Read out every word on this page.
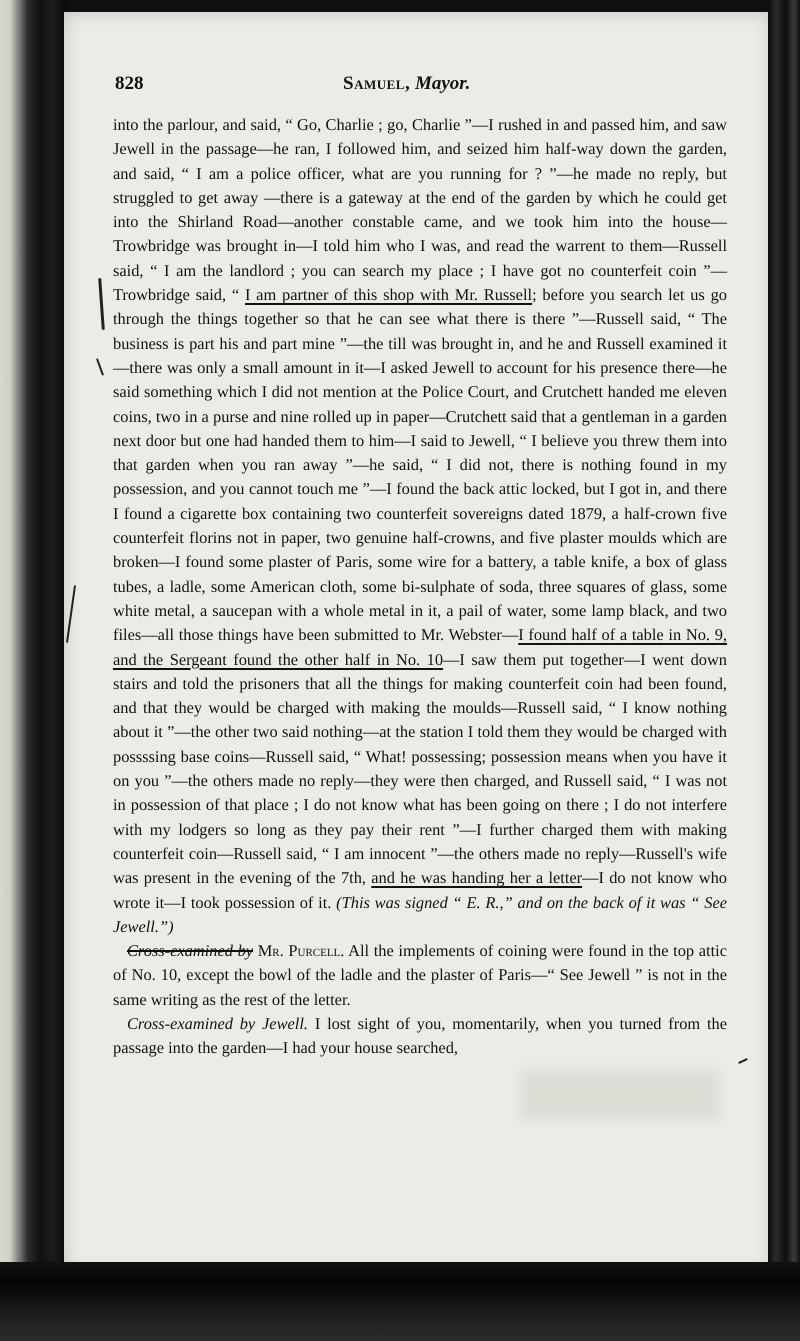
828	Samuel, Mayor.

into the parlour, and said, “ Go, Charlie ; go, Charlie ”—I rushed in and passed him, and saw Jewell in the passage—he ran, I followed him, and seized him half-way down the garden, and said, “ I am a police officer, what are you running for ? ”—he made no reply, but struggled to get away —there is a gateway at the end of the garden by which he could get into the Shirland Road—another constable came, and we took him into the house—Trowbridge was brought in—I told him who I was, and read the warrent to them—Russell said, “ I am the landlord ; you can search my place ; I have got no counterfeit coin ”—Trowbridge said, “ I am partner of this shop with Mr. Russell; before you search let us go through the things together so that he can see what there is there ”—Russell said, “ The business is part his and part mine ”—the till was brought in, and he and Russell examined it—there was only a small amount in it—I asked Jewell to account for his presence there—he said something which I did not mention at the Police Court, and Crutchett handed me eleven coins, two in a purse and nine rolled up in paper—Crutchett said that a gentleman in a garden next door but one had handed them to him—I said to Jewell, “ I believe you threw them into that garden when you ran away ”—he said, “ I did not, there is nothing found in my possession, and you cannot touch me ”—I found the back attic locked, but I got in, and there I found a cigarette box containing two counterfeit sovereigns dated 1879, a half-crown five counterfeit florins not in paper, two genuine half-crowns, and five plaster moulds which are broken—I found some plaster of Paris, some wire for a battery, a table knife, a box of glass tubes, a ladle, some American cloth, some bi-sulphate of soda, three squares of glass, some white metal, a saucepan with a whole metal in it, a pail of water, some lamp black, and two files—all those things have been submitted to Mr. Webster—I found half of a table in No. 9, and the Sergeant found the other half in No. 10—I saw them put together—I went down stairs and told the prisoners that all the things for making counterfeit coin had been found, and that they would be charged with making the moulds—Russell said, “ I know nothing about it ”—the other two said nothing—at the station I told them they would be charged with possssing base coins—Russell said, “ What! possessing; possession means when you have it on you ”—the others made no reply—they were then charged, and Russell said, “ I was not in possession of that place ; I do not know what has been going on there ; I do not interfere with my lodgers so long as they pay their rent ”—I further charged them with making counterfeit coin—Russell said, “ I am innocent ”—the others made no reply—Russell's wife was present in the evening of the 7th, and he was handing her a letter—I do not know who wrote it—I took possession of it. (This was signed “ E. R.,” and on the back of it was “ See Jewell.”)

Cross-examined by Mr. Purcell. All the implements of coining were found in the top attic of No. 10, except the bowl of the ladle and the plaster of Paris—“ See Jewell ” is not in the same writing as the rest of the letter.

Cross-examined by Jewell. I lost sight of you, momentarily, when you turned from the passage into the garden—I had your house searched,
